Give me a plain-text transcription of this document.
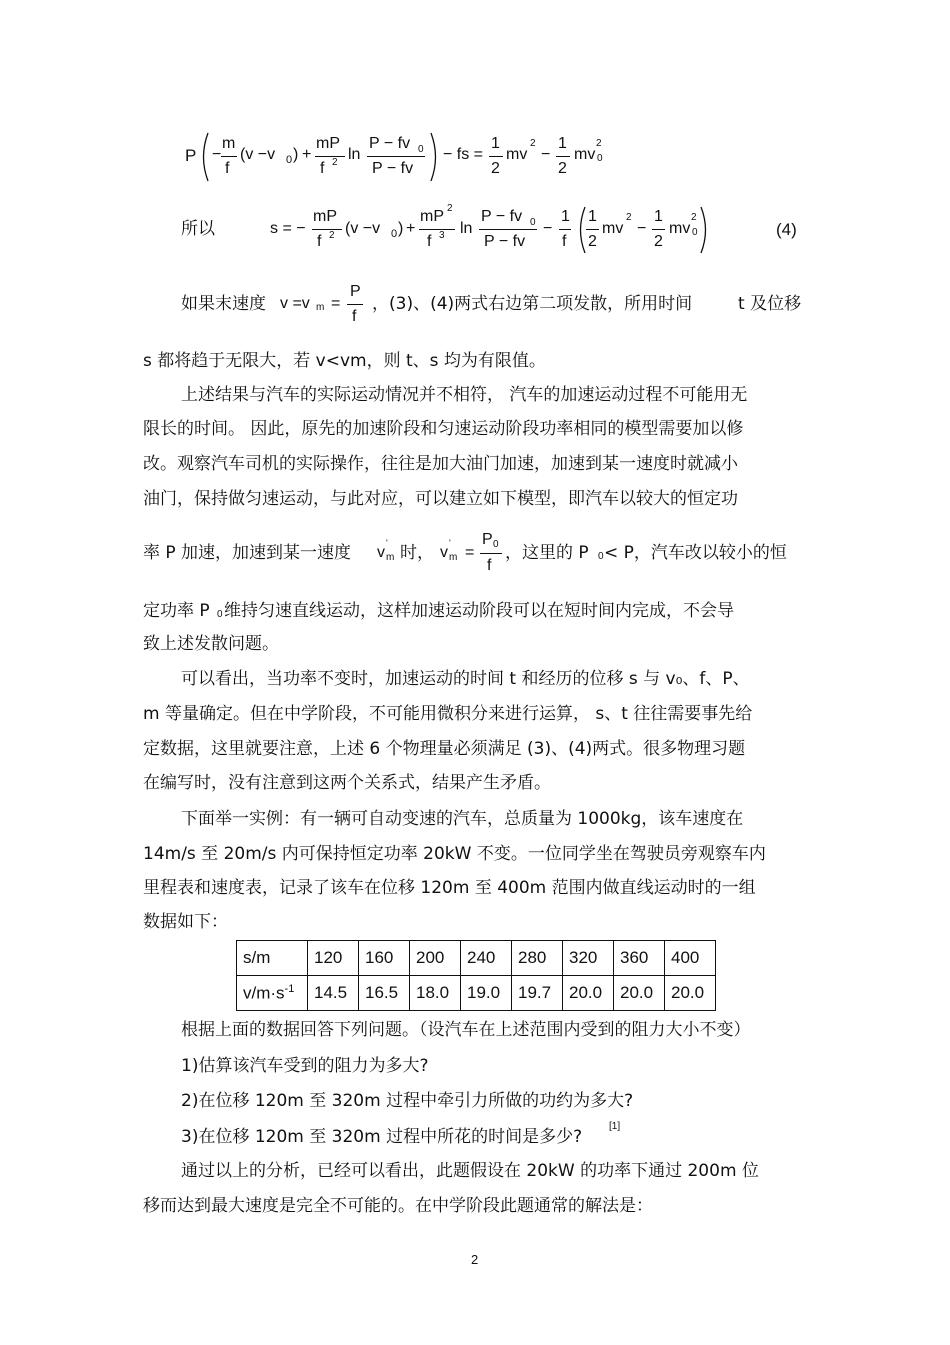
P −
m
f
(v −v 0 ) +
mP
f 2 ln
P − fv 0
P − fv
− fs =
1
2
mv
2
−
1
2
mv
2
0
所以	s = −
mP
f 2 (v −v 0 ) +
mP 2
f 3 ln
P − fv 0
P − fv
−
1
f
1
2
mv
2
−
1
2
mv
2
0	(4)
如果末速度 v =v m =
P
f
，(3)、(4)两式右边第二项发散，所用时间	t 及位移
s 都将趋于无限大，若 v<vm，则 t、s 均为有限值。
上述结果与汽车的实际运动情况并不相符， 汽车的加速运动过程不可能用无
限长的时间。 因此，原先的加速阶段和匀速运动阶段功率相同的模型需要加以修
改。观察汽车司机的实际操作，往往是加大油门加速，加速到某一速度时就减小
油门，保持做匀速运动，与此对应，可以建立如下模型，即汽车以较大的恒定功
率 P 加速，加速到某一速度 v
'
m 时， v
'
m =
P 0
f
，这里的 P 0 < P，汽车改以较小的恒
定功率 P 0 维持匀速直线运动，这样加速运动阶段可以在短时间内完成，不会导
致上述发散问题。
可以看出，当功率不变时，加速运动的时间 t 和经历的位移 s 与 v₀、f、P、
m 等量确定。但在中学阶段，不可能用微积分来进行运算， s、t 往往需要事先给
定数据，这里就要注意，上述 6 个物理量必须满足 (3)、(4)两式。很多物理习题
在编写时，没有注意到这两个关系式，结果产生矛盾。
下面举一实例：有一辆可自动变速的汽车，总质量为 1000kg，该车速度在
14m/s 至 20m/s 内可保持恒定功率 20kW 不变。一位同学坐在驾驶员旁观察车内
里程表和速度表，记录了该车在位移 120m 至 400m 范围内做直线运动时的一组
数据如下：
s/m	120	160	200	240	280	320	360	400
$v/m\cdot s^{-1}$	14.5	16.5	18.0	19.0	19.7	20.0	20.0	20.0
根据上面的数据回答下列问题。（设汽车在上述范围内受到的阻力大小不变）
1)估算该汽车受到的阻力为多大?
2)在位移 120m 至 320m 过程中牵引力所做的功约为多大?
3)在位移 120m 至 320m 过程中所花的时间是多少?
[1]
通过以上的分析，已经可以看出，此题假设在 20kW 的功率下通过 200m 位
移而达到最大速度是完全不可能的。在中学阶段此题通常的解法是：
2
